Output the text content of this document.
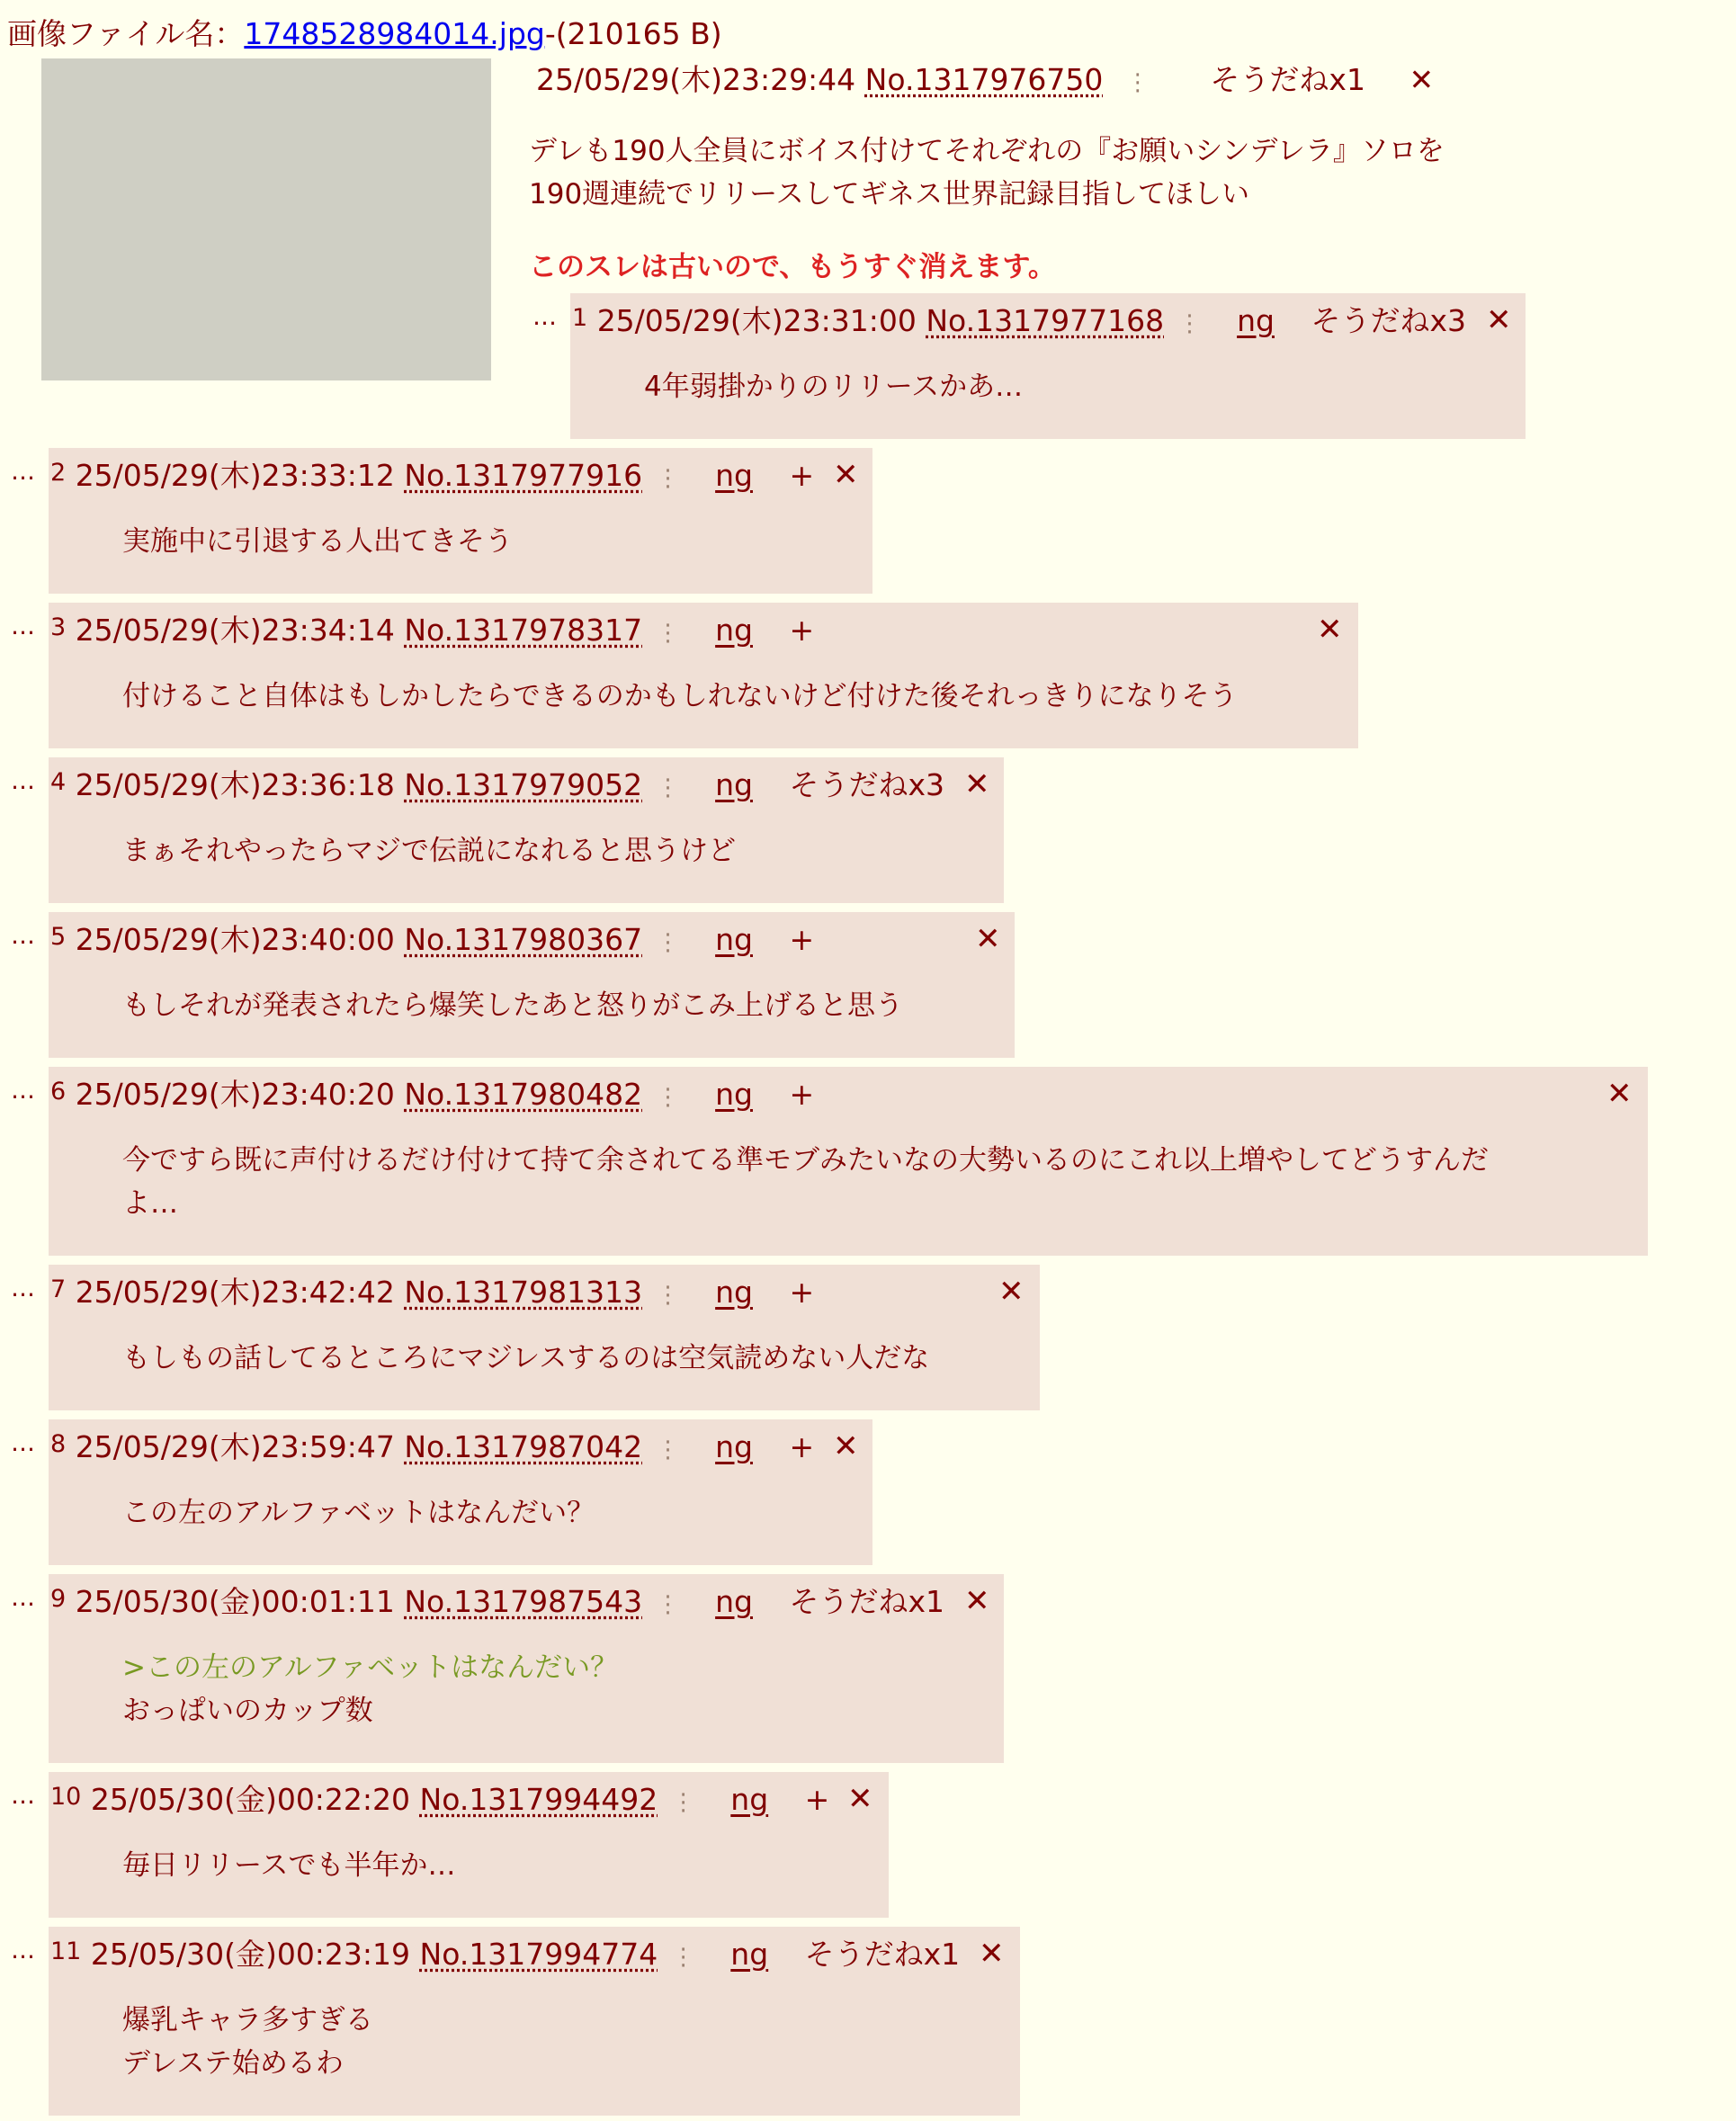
画像ファイル名：1748528984014.jpg-(210165 B)
25/05/29(木)23:29:44 No.1317976750 ⋮ そうだねx1 ✕
デレも190人全員にボイス付けてそれぞれの『お願いシンデレラ』ソロを
190週連続でリリースしてギネス世界記録目指してほしい
このスレは古いので、もうすぐ消えます。
… 1 25/05/29(木)23:31:00 No.1317977168 ⋮ ng そうだねx3 ✕
4年弱掛かりのリリースかあ…
… 2 25/05/29(木)23:33:12 No.1317977916 ⋮ ng + ✕
実施中に引退する人出てきそう
… 3 25/05/29(木)23:34:14 No.1317978317 ⋮ ng +	✕
付けること自体はもしかしたらできるのかもしれないけど付けた後それっきりになりそう
… 4 25/05/29(木)23:36:18 No.1317979052 ⋮ ng そうだねx3 ✕
まぁそれやったらマジで伝説になれると思うけど
… 5 25/05/29(木)23:40:00 No.1317980367 ⋮ ng +	✕
もしそれが発表されたら爆笑したあと怒りがこみ上げると思う
… 6 25/05/29(木)23:40:20 No.1317980482 ⋮ ng +	✕
今ですら既に声付けるだけ付けて持て余されてる準モブみたいなの大勢いるのにこれ以上増やしてどうすんだ
よ…
… 7 25/05/29(木)23:42:42 No.1317981313 ⋮ ng +	✕
もしもの話してるところにマジレスするのは空気読めない人だな
… 8 25/05/29(木)23:59:47 No.1317987042 ⋮ ng + ✕
この左のアルファベットはなんだい？
… 9 25/05/30(金)00:01:11 No.1317987543 ⋮ ng そうだねx1 ✕
>この左のアルファベットはなんだい？
おっぱいのカップ数
… 10 25/05/30(金)00:22:20 No.1317994492 ⋮ ng + ✕
毎日リリースでも半年か…
… 11 25/05/30(金)00:23:19 No.1317994774 ⋮ ng そうだねx1 ✕
爆乳キャラ多すぎる
デレステ始めるわ
